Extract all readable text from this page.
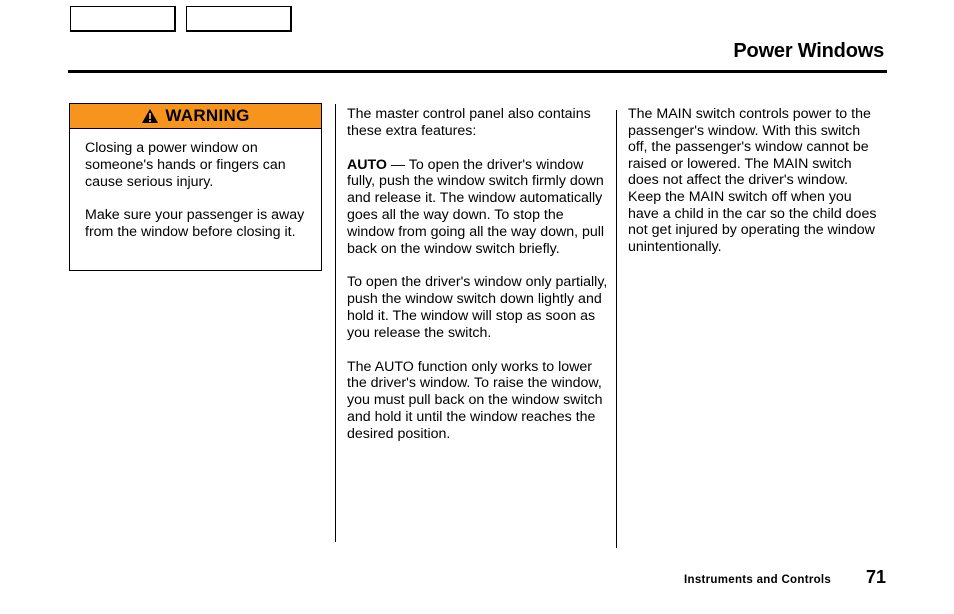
Power Windows
WARNING

Closing a power window on someone's hands or fingers can cause serious injury.

Make sure your passenger is away from the window before closing it.

The master control panel also contains these extra features:

AUTO — To open the driver's window fully, push the window switch firmly down and release it. The window automatically goes all the way down. To stop the window from going all the way down, pull back on the window switch briefly.

To open the driver's window only partially, push the window switch down lightly and hold it. The window will stop as soon as you release the switch.

The AUTO function only works to lower the driver's window. To raise the window, you must pull back on the window switch and hold it until the window reaches the desired position.

The MAIN switch controls power to the passenger's window. With this switch off, the passenger's window cannot be raised or lowered. The MAIN switch does not affect the driver's window. Keep the MAIN switch off when you have a child in the car so the child does not get injured by operating the window unintentionally.

Instruments and Controls 71
